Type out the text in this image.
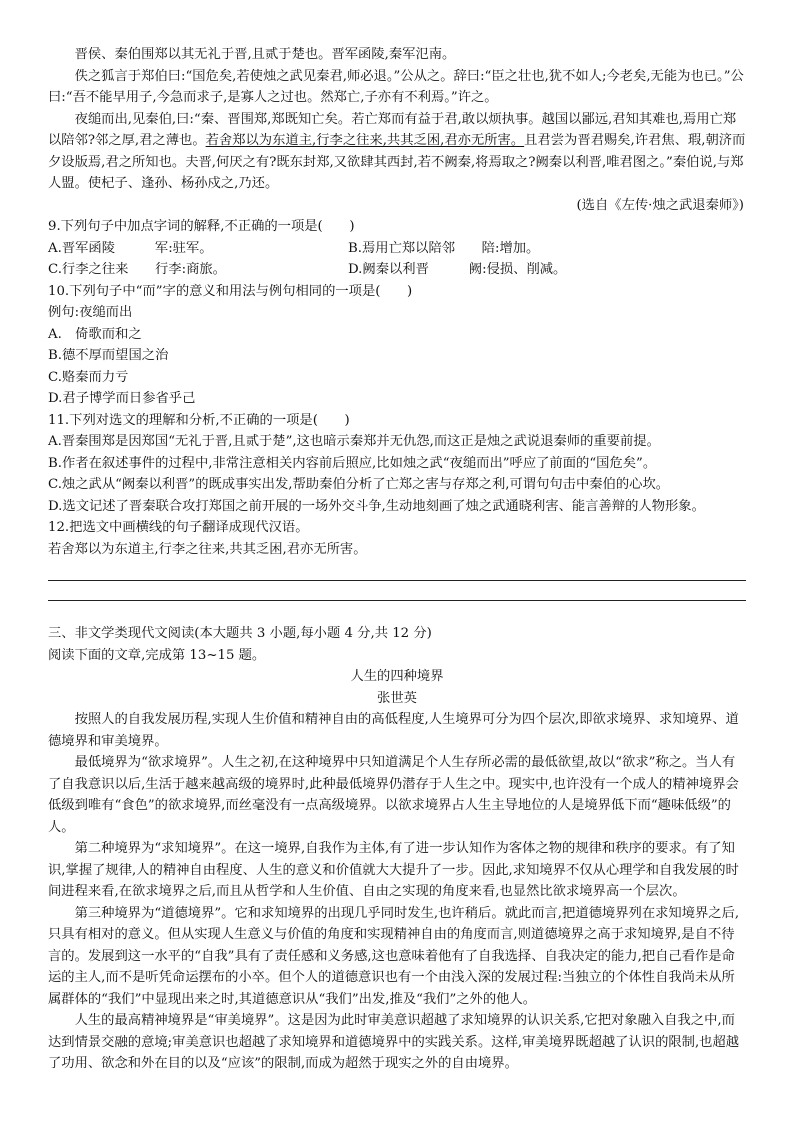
晋侯、秦伯围郑以其无礼于晋,且贰于楚也。晋军函陵,秦军氾南。

佚之狐言于郑伯曰:“国危矣,若使烛之武见秦君,师必退。”公从之。辞曰:“臣之壮也,犹不如人;今老矣,无能为也已。”公曰:“吾不能早用子,今急而求子,是寡人之过也。然郑亡,子亦有不利焉。”许之。

夜缒而出,见秦伯,曰:“秦、晋围郑,郑既知亡矣。若亡郑而有益于君,敢以烦执事。越国以鄙远,君知其难也,焉用亡郑以陪邻?邻之厚,君之薄也。若舍郑以为东道主,行李之往来,共其乏困,君亦无所害。且君尝为晋君赐矣,许君焦、瑕,朝济而夕设版焉,君之所知也。夫晋,何厌之有?既东封郑,又欲肆其西封,若不阙秦,将焉取之?阙秦以利晋,唯君图之。”秦伯说,与郑人盟。使杞子、逢孙、杨孙戍之,乃还。

(选自《左传·烛之武退秦师》)

9.下列句子中加点字词的解释,不正确的一项是(　　)

A.晋军函陵　　　军:驻军。	B.焉用亡郑以陪邻　　陪:增加。
C.行李之往来　　行李:商旅。	D.阙秦以利晋　　　阙:侵损、削减。

10.下列句子中“而”字的意义和用法与例句相同的一项是(　　)

例句:夜缒而出

A.　倚歌而和之

B.德不厚而望国之治

C.赂秦而力亏

D.君子博学而日参省乎己

11.下列对选文的理解和分析,不正确的一项是(　　)

A.晋秦围郑是因郑国“无礼于晋,且贰于楚”,这也暗示秦郑并无仇怨,而这正是烛之武说退秦师的重要前提。

B.作者在叙述事件的过程中,非常注意相关内容前后照应,比如烛之武“夜缒而出”呼应了前面的“国危矣”。

C.烛之武从“阙秦以利晋”的既成事实出发,帮助秦伯分析了亡郑之害与存郑之利,可谓句句击中秦伯的心坎。

D.选文记述了晋秦联合攻打郑国之前开展的一场外交斗争,生动地刻画了烛之武通晓利害、能言善辩的人物形象。

12.把选文中画横线的句子翻译成现代汉语。

若舍郑以为东道主,行李之往来,共其乏困,君亦无所害。

三、非文学类现代文阅读(本大题共 3 小题,每小题 4 分,共 12 分)

阅读下面的文章,完成第 13~15 题。

人生的四种境界

张世英

按照人的自我发展历程,实现人生价值和精神自由的高低程度,人生境界可分为四个层次,即欲求境界、求知境界、道德境界和审美境界。

最低境界为“欲求境界”。人生之初,在这种境界中只知道满足个人生存所必需的最低欲望,故以“欲求”称之。当人有了自我意识以后,生活于越来越高级的境界时,此种最低境界仍潜存于人生之中。现实中,也许没有一个成人的精神境界会低级到唯有“食色”的欲求境界,而丝毫没有一点高级境界。以欲求境界占人生主导地位的人是境界低下而“趣味低级”的人。

第二种境界为“求知境界”。在这一境界,自我作为主体,有了进一步认知作为客体之物的规律和秩序的要求。有了知识,掌握了规律,人的精神自由程度、人生的意义和价值就大大提升了一步。因此,求知境界不仅从心理学和自我发展的时间进程来看,在欲求境界之后,而且从哲学和人生价值、自由之实现的角度来看,也显然比欲求境界高一个层次。

第三种境界为“道德境界”。它和求知境界的出现几乎同时发生,也许稍后。就此而言,把道德境界列在求知境界之后,只具有相对的意义。但从实现人生意义与价值的角度和实现精神自由的角度而言,则道德境界之高于求知境界,是自不待言的。发展到这一水平的“自我”具有了责任感和义务感,这也意味着他有了自我选择、自我决定的能力,把自己看作是命运的主人,而不是听凭命运摆布的小卒。但个人的道德意识也有一个由浅入深的发展过程:当独立的个体性自我尚未从所属群体的“我们”中显现出来之时,其道德意识从“我们”出发,推及“我们”之外的他人。

人生的最高精神境界是“审美境界”。这是因为此时审美意识超越了求知境界的认识关系,它把对象融入自我之中,而达到情景交融的意境;审美意识也超越了求知境界和道德境界中的实践关系。这样,审美境界既超越了认识的限制,也超越了功用、欲念和外在目的以及“应该”的限制,而成为超然于现实之外的自由境界。
